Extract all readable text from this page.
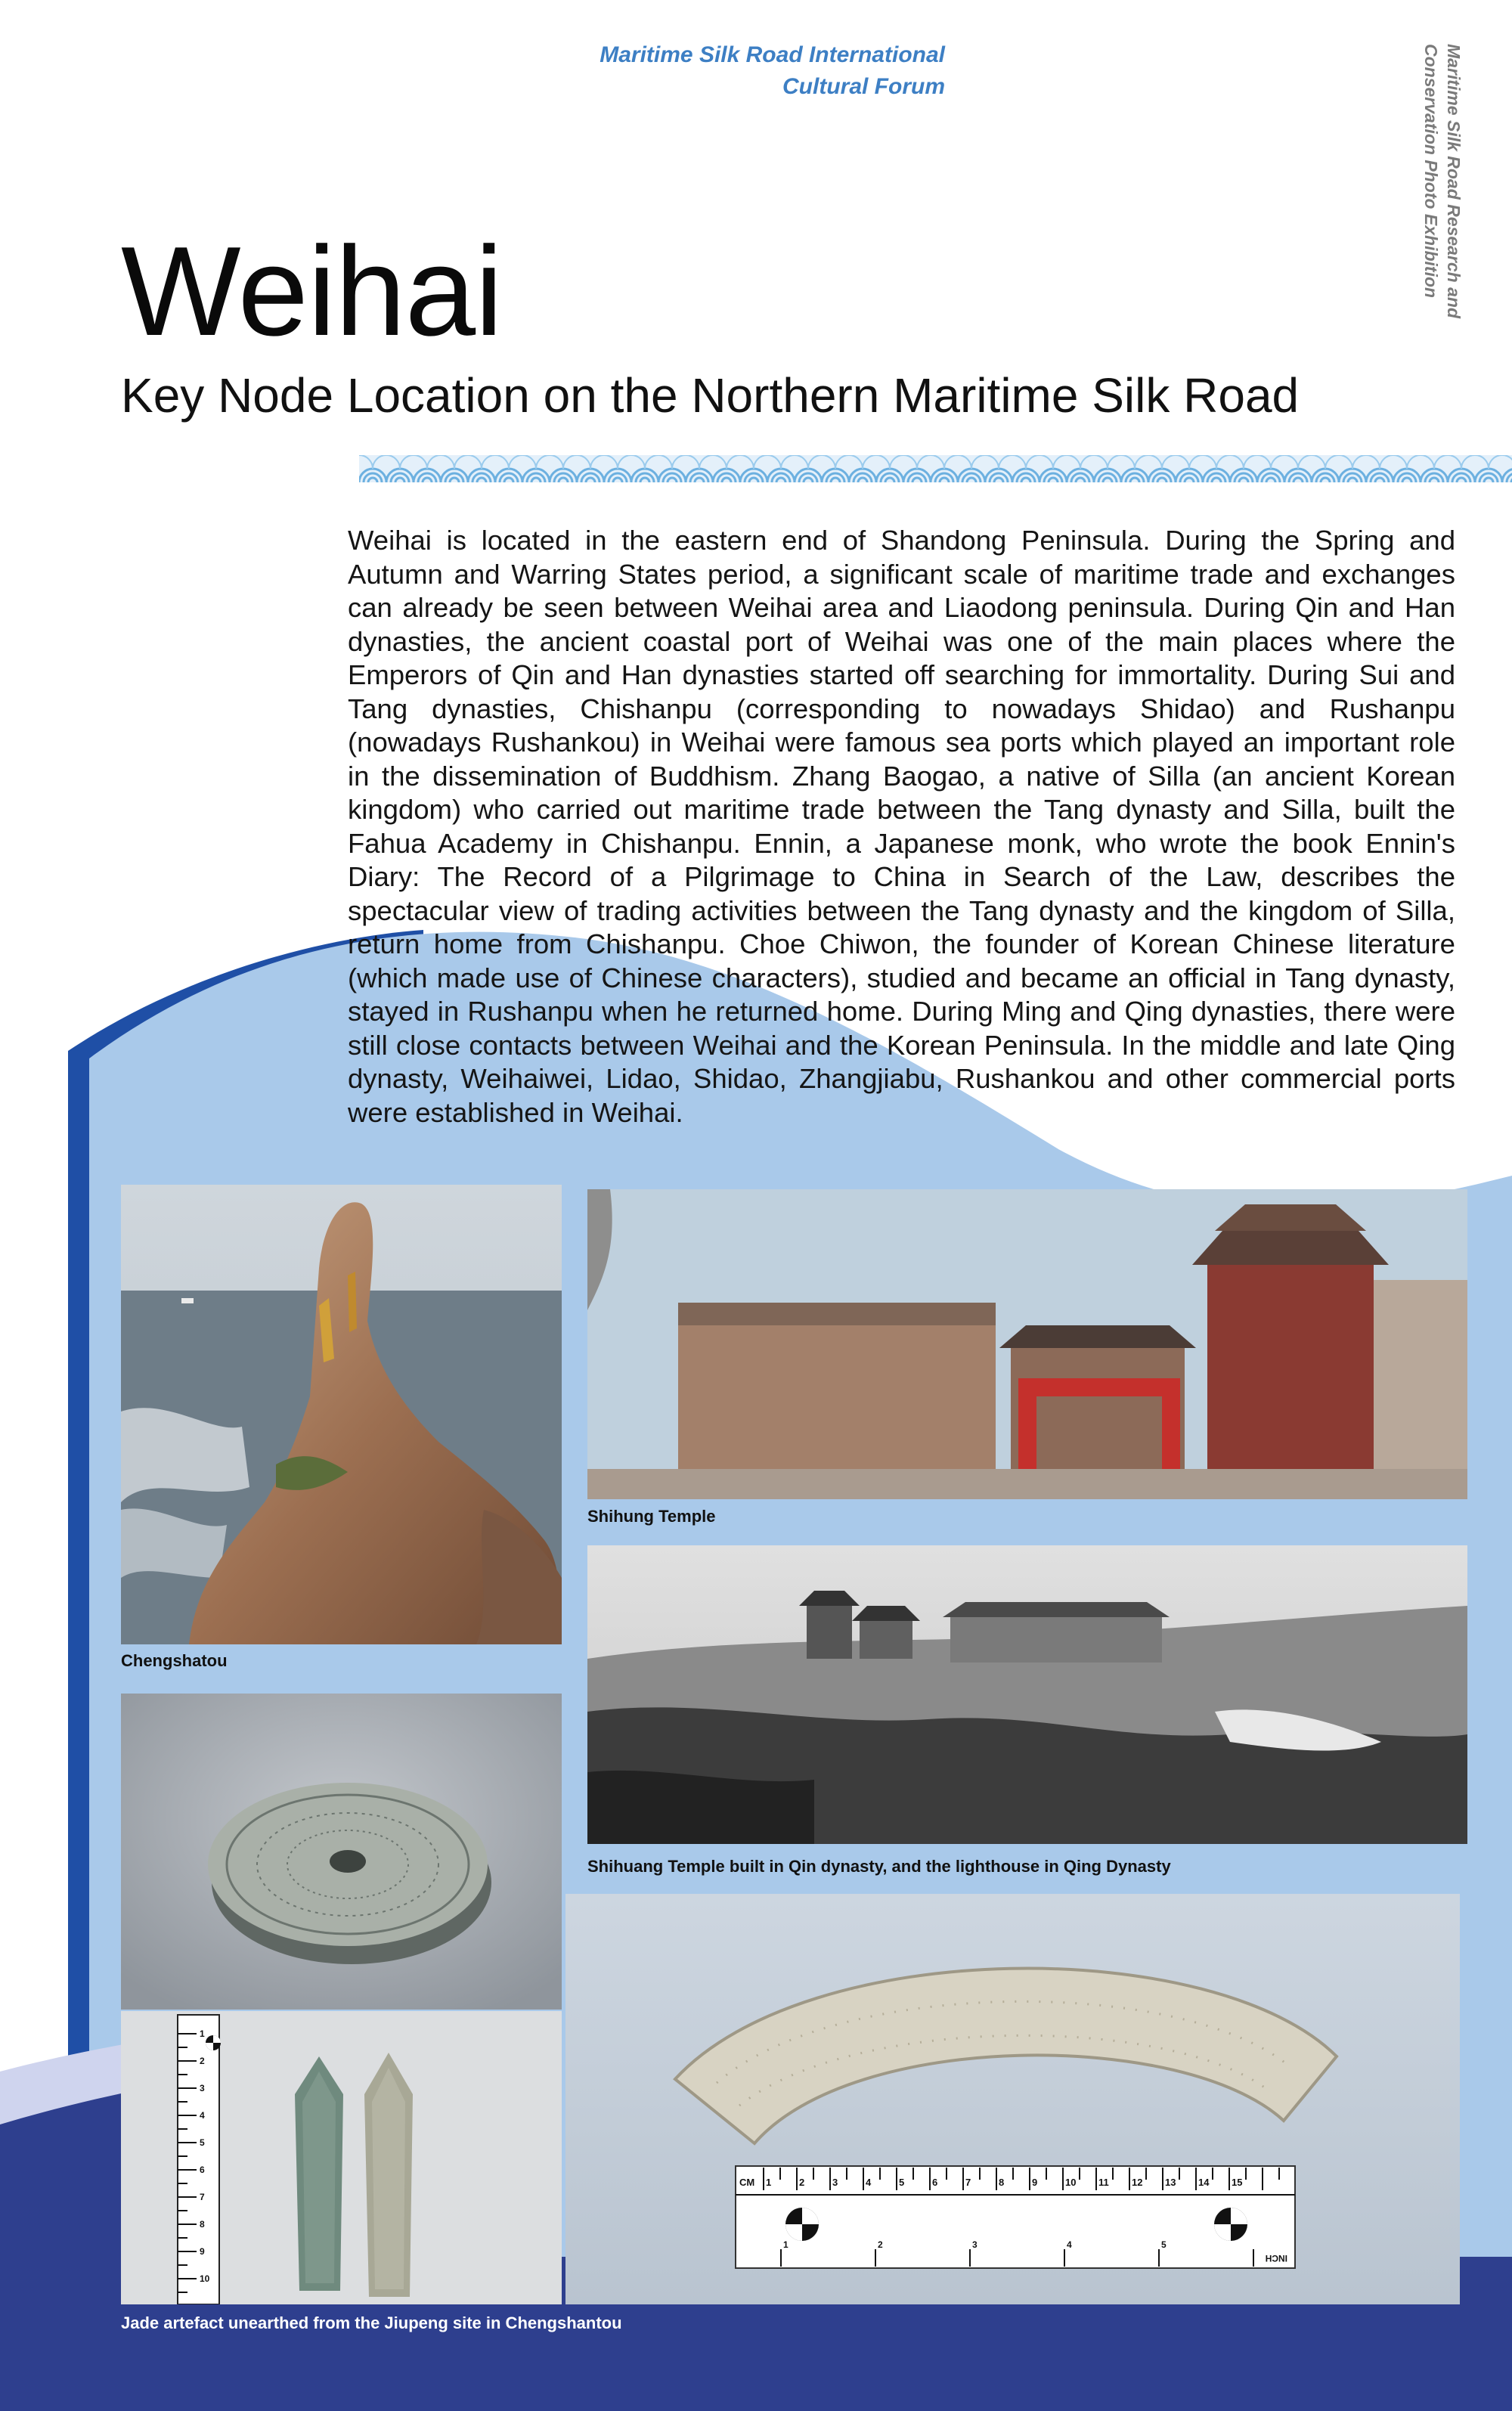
Maritime Silk Road International
Cultural Forum	Maritime Silk Road Research and
Conservation Photo Exhibition
Weihai
Key Node Location on the Northern Maritime Silk Road

Weihai is located in the eastern end of Shandong Peninsula. During the Spring and Autumn and Warring States period, a significant scale of maritime trade and exchanges can already be seen between Weihai area and Liaodong peninsula. During Qin and Han dynasties, the ancient coastal port of Weihai was one of the main places where the Emperors of Qin and Han dynasties started off searching for immortality. During Sui and Tang dynasties, Chishanpu (corresponding to nowadays Shidao) and Rushanpu (nowadays Rushankou) in Weihai were famous sea ports which played an important role in the dissemination of Buddhism. Zhang Baogao, a native of Silla (an ancient Korean kingdom) who carried out maritime trade between the Tang dynasty and Silla, built the Fahua Academy in Chishanpu. Ennin, a Japanese monk, who wrote the book Ennin's Diary: The Record of a Pilgrimage to China in Search of the Law, describes the spectacular view of trading activities between the Tang dynasty and the kingdom of Silla, return home from Chishanpu. Choe Chiwon, the founder of Korean Chinese literature (which made use of Chinese characters), studied and became an official in Tang dynasty, stayed in Rushanpu when he returned home. During Ming and Qing dynasties, there were still close contacts between Weihai and the Korean Peninsula. In the middle and late Qing dynasty, Weihaiwei, Lidao, Shidao, Zhangjiabu, Rushankou and other commercial ports were established in Weihai.

Chengshatou
Shihung Temple
Shihuang Temple built in Qin dynasty, and the lighthouse in Qing Dynasty
1
2
3
4
5
6
7
8
9
10
Jade artefact unearthed from the Jiupeng site in Chengshantou
CM 1	2	3	4	5	6	7	8	9	10 11 12 13 14 15
INCH
1	2	3	4	5
